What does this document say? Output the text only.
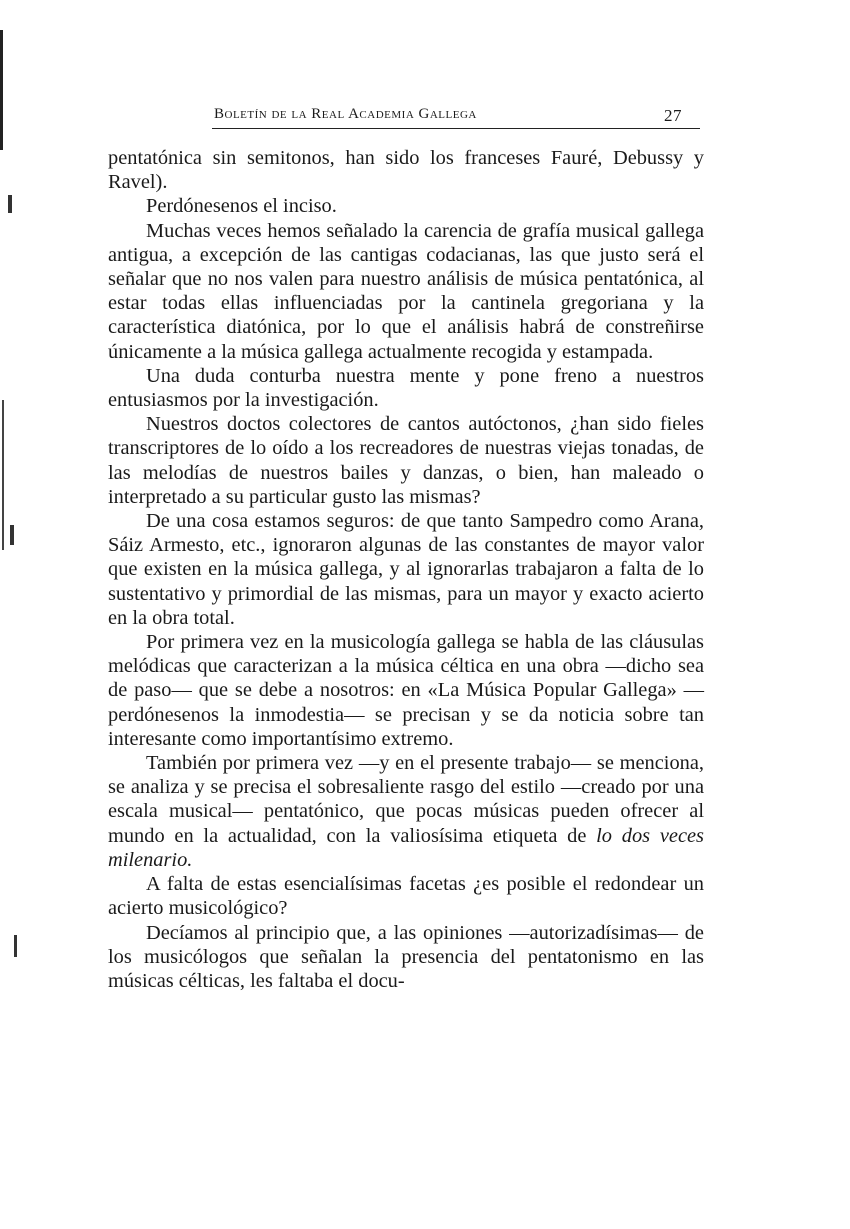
Boletín de la Real Academia Gallega	27

pentatónica sin semitonos, han sido los franceses Fauré, Debussy y Ravel).

Perdónesenos el inciso.

Muchas veces hemos señalado la carencia de grafía musical gallega antigua, a excepción de las cantigas codacianas, las que justo será el señalar que no nos valen para nuestro análisis de música pentatónica, al estar todas ellas influenciadas por la cantinela gregoriana y la característica diatónica, por lo que el análisis habrá de constreñirse únicamente a la música gallega actualmente recogida y estampada.

Una duda conturba nuestra mente y pone freno a nuestros entusiasmos por la investigación.

Nuestros doctos colectores de cantos autóctonos, ¿han sido fieles transcriptores de lo oído a los recreadores de nuestras viejas tonadas, de las melodías de nuestros bailes y danzas, o bien, han maleado o interpretado a su particular gusto las mismas?

De una cosa estamos seguros: de que tanto Sampedro como Arana, Sáiz Armesto, etc., ignoraron algunas de las constantes de mayor valor que existen en la música gallega, y al ignorarlas trabajaron a falta de lo sustentativo y primordial de las mismas, para un mayor y exacto acierto en la obra total.

Por primera vez en la musicología gallega se habla de las cláusulas melódicas que caracterizan a la música céltica en una obra —dicho sea de paso— que se debe a nosotros: en «La Música Popular Gallega» —perdónesenos la inmodestia— se precisan y se da noticia sobre tan interesante como importantísimo extremo.

También por primera vez —y en el presente trabajo— se menciona, se analiza y se precisa el sobresaliente rasgo del estilo —creado por una escala musical— pentatónico, que pocas músicas pueden ofrecer al mundo en la actualidad, con la valiosísima etiqueta de lo dos veces milenario.

A falta de estas esencialísimas facetas ¿es posible el redondear un acierto musicológico?

Decíamos al principio que, a las opiniones —autorizadísimas— de los musicólogos que señalan la presencia del pentatonismo en las músicas célticas, les faltaba el docu-
